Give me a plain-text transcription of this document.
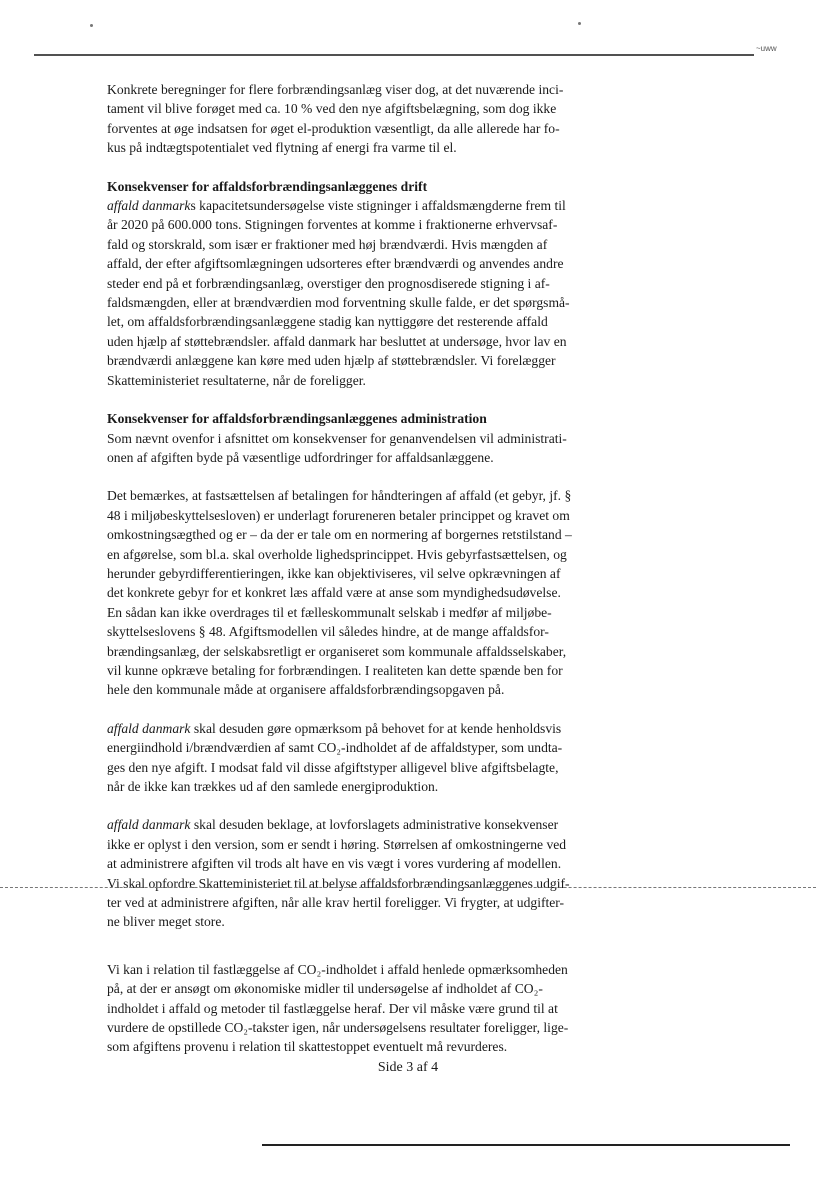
~uww

Konkrete beregninger for flere forbrændingsanlæg viser dog, at det nuværende inci-
tament vil blive forøget med ca. 10 % ved den nye afgiftsbelægning, som dog ikke
forventes at øge indsatsen for øget el-produktion væsentligt, da alle allerede har fo-
kus på indtægtspotentialet ved flytning af energi fra varme til el.

Konsekvenser for affaldsforbrændingsanlæggenes drift

affald danmarks kapacitetsundersøgelse viste stigninger i affaldsmængderne frem til
år 2020 på 600.000 tons. Stigningen forventes at komme i fraktionerne erhvervsaf-
fald og storskrald, som især er fraktioner med høj brændværdi. Hvis mængden af
affald, der efter afgiftsomlægningen udsorteres efter brændværdi og anvendes andre
steder end på et forbrændingsanlæg, overstiger den prognosdiserede stigning i af-
faldsmængden, eller at brændværdien mod forventning skulle falde, er det spørgsmå-
let, om affaldsforbrændingsanlæggene stadig kan nyttiggøre det resterende affald
uden hjælp af støttebrændsler. affald danmark har besluttet at undersøge, hvor lav en
brændværdi anlæggene kan køre med uden hjælp af støttebrændsler. Vi forelægger
Skatteministeriet resultaterne, når de foreligger.

Konsekvenser for affaldsforbrændingsanlæggenes administration

Som nævnt ovenfor i afsnittet om konsekvenser for genanvendelsen vil administrati-
onen af afgiften byde på væsentlige udfordringer for affaldsanlæggene.

Det bemærkes, at fastsættelsen af betalingen for håndteringen af affald (et gebyr, jf. §
48 i miljøbeskyttelsesloven) er underlagt forureneren betaler princippet og kravet om
omkostningsægthed og er – da der er tale om en normering af borgernes retstilstand –
en afgørelse, som bl.a. skal overholde lighedsprincippet. Hvis gebyrfastsættelsen, og
herunder gebyrdifferentieringen, ikke kan objektiviseres, vil selve opkrævningen af
det konkrete gebyr for et konkret læs affald være at anse som myndighedsudøvelse.
En sådan kan ikke overdrages til et fælleskommunalt selskab i medfør af miljøbe-
skyttelseslovens § 48. Afgiftsmodellen vil således hindre, at de mange affaldsfor-
brændingsanlæg, der selskabsretligt er organiseret som kommunale affaldsselskaber,
vil kunne opkræve betaling for forbrændingen. I realiteten kan dette spænde ben for
hele den kommunale måde at organisere affaldsforbrændingsopgaven på.

affald danmark skal desuden gøre opmærksom på behovet for at kende henholdsvis
energiindhold i/brændværdien af samt CO₂-indholdet af de affaldstyper, som undta-
ges den nye afgift. I modsat fald vil disse afgiftstyper alligevel blive afgiftsbelagte,
når de ikke kan trækkes ud af den samlede energiproduktion.

affald danmark skal desuden beklage, at lovforslagets administrative konsekvenser
ikke er oplyst i den version, som er sendt i høring. Størrelsen af omkostningerne ved
at administrere afgiften vil trods alt have en vis vægt i vores vurdering af modellen.
Vi skal opfordre Skatteministeriet til at belyse affaldsforbrændingsanlæggenes udgif-
ter ved at administrere afgiften, når alle krav hertil foreligger. Vi frygter, at udgifter-
ne bliver meget store.

Vi kan i relation til fastlæggelse af CO₂-indholdet i affald henlede opmærksomheden
på, at der er ansøgt om økonomiske midler til undersøgelse af indholdet af CO₂-
indholdet i affald og metoder til fastlæggelse heraf. Der vil måske være grund til at
vurdere de opstillede CO₂-takster igen, når undersøgelsens resultater foreligger, lige-
som afgiftens provenu i relation til skattestoppet eventuelt må revurderes.

Side 3 af 4
